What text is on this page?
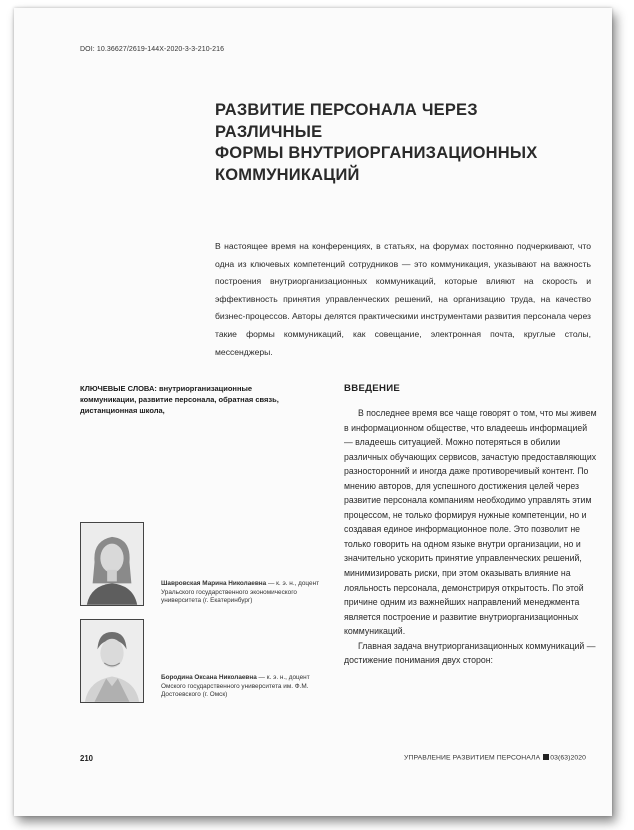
DOI: 10.36627/2619-144X-2020-3-3-210-216
РАЗВИТИЕ ПЕРСОНАЛА ЧЕРЕЗ РАЗЛИЧНЫЕ
ФОРМЫ ВНУТРИОРГАНИЗАЦИОННЫХ
КОММУНИКАЦИЙ
В настоящее время на конференциях, в статьях, на форумах постоянно подчеркивают, что одна из ключевых компетенций сотрудников — это коммуникация, указывают на важность построения внутриорганизационных коммуникаций, которые влияют на скорость и эффективность принятия управленческих решений, на организацию труда, на качество бизнес-процессов. Авторы делятся практическими инструментами развития персонала через такие формы коммуникаций, как совещание, электронная почта, круглые столы, мессенджеры.
КЛЮЧЕВЫЕ СЛОВА: внутриорганизационные коммуникации, развитие персонала, обратная связь, дистанционная школа,
ВВЕДЕНИЕ

В последнее время все чаще говорят о том, что мы живем в информационном обществе, что владеешь информацией — владеешь ситуацией. Можно потеряться в обилии различных обучающих сервисов, зачастую предоставляющих разносторонний и иногда даже противоречивый контент. По мнению авторов, для успешного достижения целей через развитие персонала компаниям необходимо управлять этим процессом, не только формируя нужные компетенции, но и создавая единое информационное поле. Это позволит не только говорить на одном языке внутри организации, но и значительно ускорить принятие управленческих решений, минимизировать риски, при этом оказывать влияние на лояльность персонала, демонстрируя открытость. По этой причине одним из важнейших направлений менеджмента является построение и развитие внутриорганизационных коммуникаций.

Главная задача внутриорганизационных коммуникаций — достижение понимания двух сторон:

Шавровская Марина Николаевна — к. э. н., доцент Уральского государственного экономического университета (г. Екатеринбург)
Бородина Оксана Николаевна — к. э. н., доцент Омского государственного университета им. Ф.М. Достоевского (г. Омск)
210	УПРАВЛЕНИЕ РАЗВИТИЕМ ПЕРСОНАЛА 03(63)2020
